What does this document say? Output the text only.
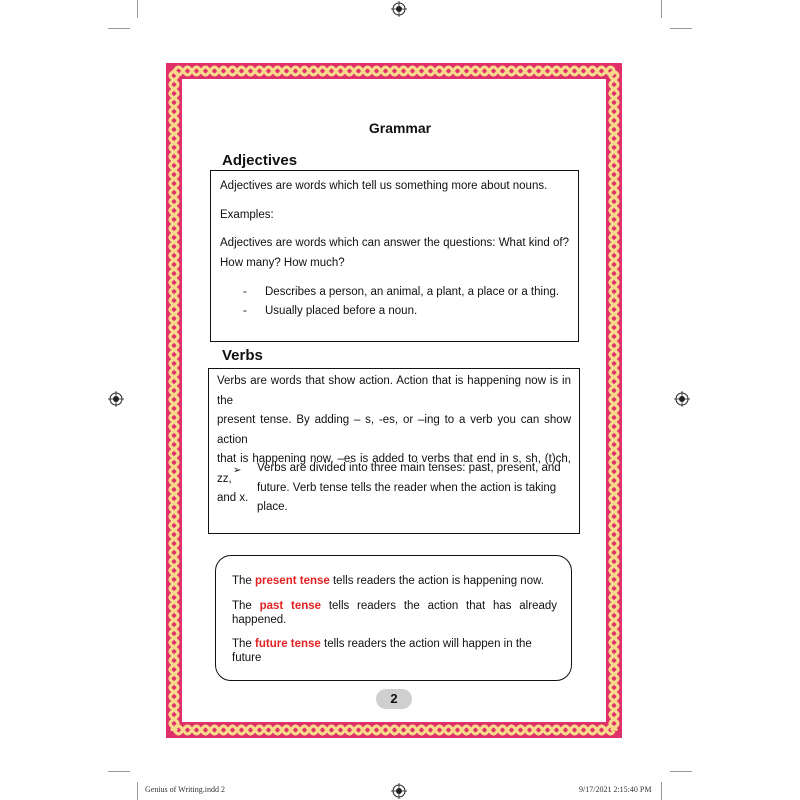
Grammar
Adjectives

Adjectives are words which tell us something more about nouns.

Examples:

Adjectives are words which can answer the questions: What kind of?

How many? How much?

-	Describes a person, an animal, a plant, a place or a thing.
-	Usually placed before a noun.
Verbs

Verbs are words that show action. Action that is happening now is in the

present tense. By adding – s, -es, or –ing to a verb you can show action

that is happening now. –es is added to verbs that end in s, sh, (t)ch, zz,

and x.

➢ Verbs are divided into three main tenses: past, present, and

future. Verb tense tells the reader when the action is taking

place.

The present tense tells readers the action is happening now.
The past tense tells readers the action that has already
happened.
The future tense tells readers the action will happen in the future
2
Genius of Writing.indd 2	9/17/2021 2:15:40 PM
